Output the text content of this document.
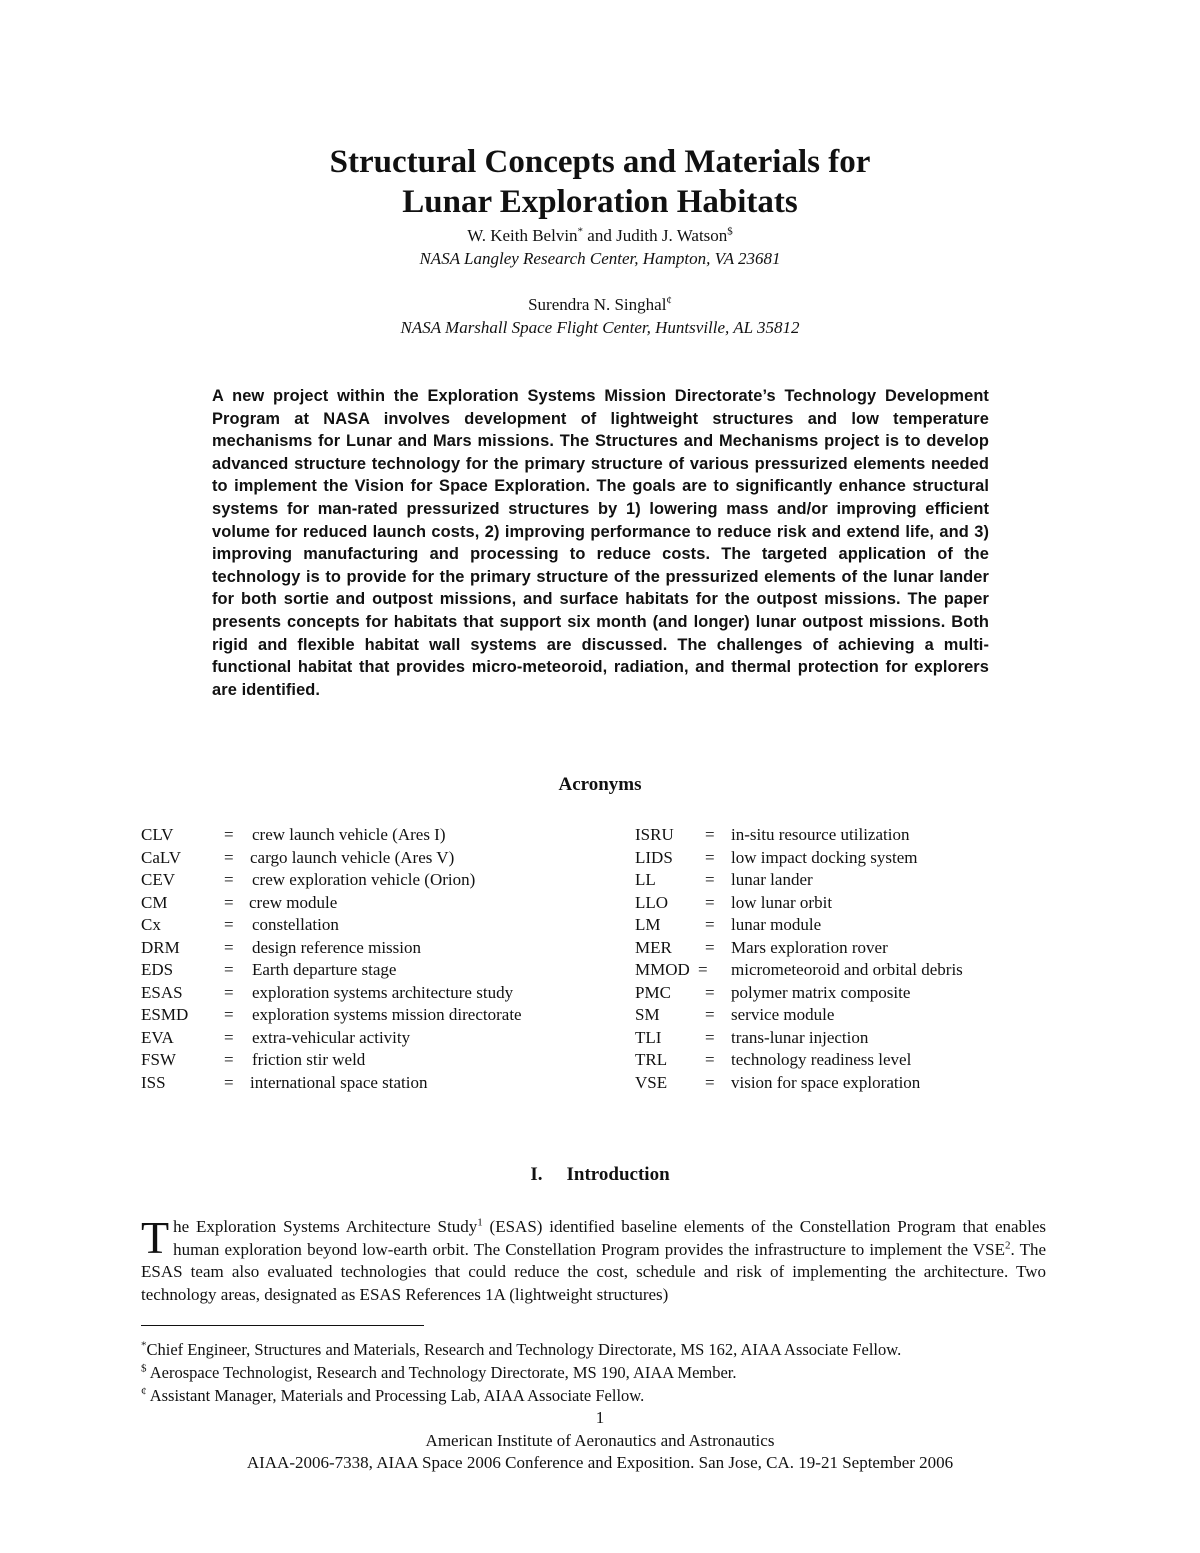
Structural Concepts and Materials for
Lunar Exploration Habitats
W. Keith Belvin* and Judith J. Watson$
NASA Langley Research Center, Hampton, VA 23681
Surendra N. Singhal¢
NASA Marshall Space Flight Center, Huntsville, AL 35812
A new project within the Exploration Systems Mission Directorate’s Technology Development Program at NASA involves development of lightweight structures and low temperature mechanisms for Lunar and Mars missions. The Structures and Mechanisms project is to develop advanced structure technology for the primary structure of various pressurized elements needed to implement the Vision for Space Exploration. The goals are to significantly enhance structural systems for man-rated pressurized structures by 1) lowering mass and/or improving efficient volume for reduced launch costs, 2) improving performance to reduce risk and extend life, and 3) improving manufacturing and processing to reduce costs. The targeted application of the technology is to provide for the primary structure of the pressurized elements of the lunar lander for both sortie and outpost missions, and surface habitats for the outpost missions. The paper presents concepts for habitats that support six month (and longer) lunar outpost missions. Both rigid and flexible habitat wall systems are discussed. The challenges of achieving a multi-functional habitat that provides micro-meteoroid, radiation, and thermal protection for explorers are identified.
Acronyms
CLV	= crew launch vehicle (Ares I)
CaLV	= cargo launch vehicle (Ares V)
CEV	= crew exploration vehicle (Orion)
CM	= crew module
Cx	= constellation
DRM	= design reference mission
EDS	= Earth departure stage
ESAS = exploration systems architecture study
ESMD = exploration systems mission directorate
EVA	= extra-vehicular activity
FSW	= friction stir weld
ISS	= international space station
ISRU = in-situ resource utilization
LIDS = low impact docking system
LL	= lunar lander
LLO = low lunar orbit
LM	= lunar module
MER = Mars exploration rover
MMOD = micrometeoroid and orbital debris
PMC = polymer matrix composite
SM	= service module
TLI	= trans-lunar injection
TRL = technology readiness level
VSE = vision for space exploration
I. Introduction
The Exploration Systems Architecture Study$^1$ (ESAS) identified baseline elements of the Constellation Program that enables human exploration beyond low-earth orbit. The Constellation Program provides the infrastructure to implement the VSE$^2$. The ESAS team also evaluated technologies that could reduce the cost, schedule and risk of implementing the architecture. Two technology areas, designated as ESAS References 1A (lightweight structures)
*Chief Engineer, Structures and Materials, Research and Technology Directorate, MS 162, AIAA Associate Fellow.
$ Aerospace Technologist, Research and Technology Directorate, MS 190, AIAA Member.
¢ Assistant Manager, Materials and Processing Lab, AIAA Associate Fellow.
1
American Institute of Aeronautics and Astronautics
AIAA-2006-7338, AIAA Space 2006 Conference and Exposition. San Jose, CA. 19-21 September 2006
